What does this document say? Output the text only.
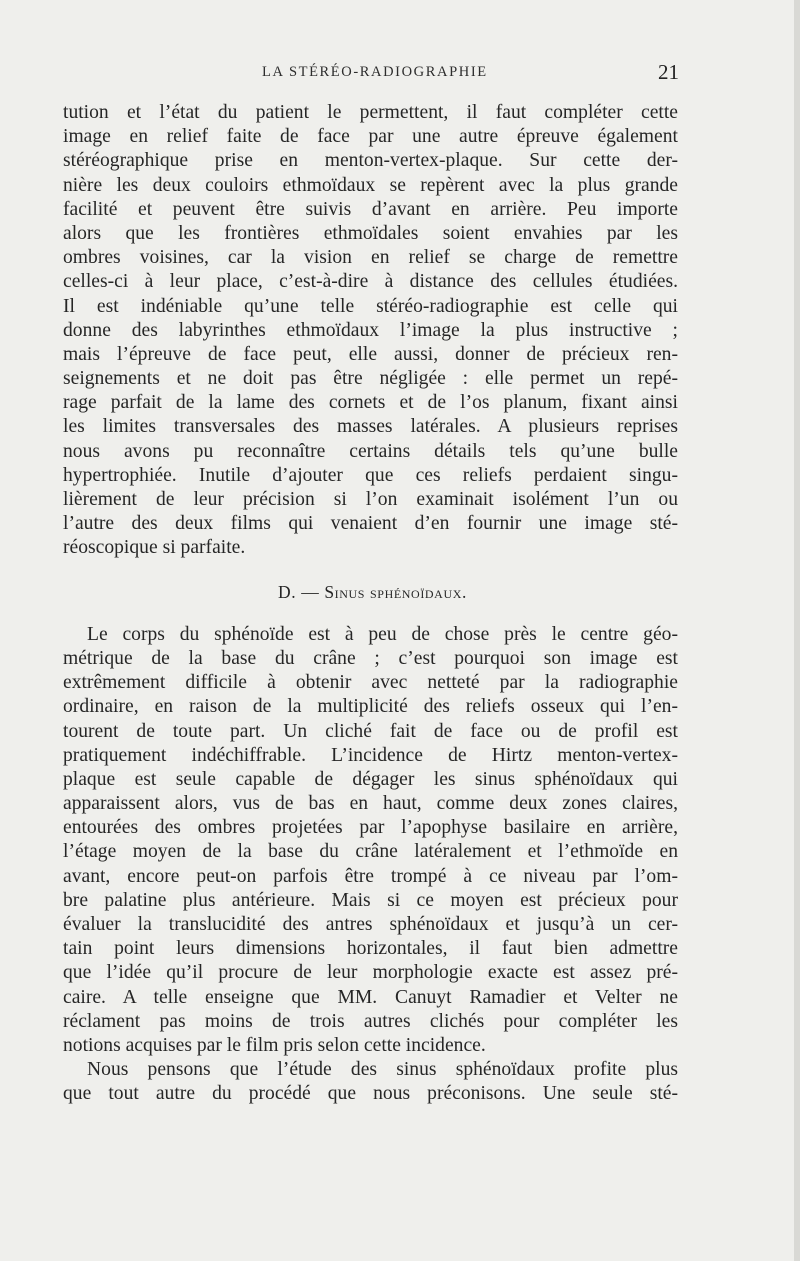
LA STÉRÉO-RADIOGRAPHIE	21
tution et l’état du patient le permettent, il faut compléter cette
image en relief faite de face par une autre épreuve également
stéréographique prise en menton-vertex-plaque. Sur cette der-
nière les deux couloirs ethmoïdaux se repèrent avec la plus grande
facilité et peuvent être suivis d’avant en arrière. Peu importe
alors que les frontières ethmoïdales soient envahies par les
ombres voisines, car la vision en relief se charge de remettre
celles-ci à leur place, c’est-à-dire à distance des cellules étudiées.
Il est indéniable qu’une telle stéréo-radiographie est celle qui
donne des labyrinthes ethmoïdaux l’image la plus instructive ;
mais l’épreuve de face peut, elle aussi, donner de précieux ren-
seignements et ne doit pas être négligée : elle permet un repé-
rage parfait de la lame des cornets et de l’os planum, fixant ainsi
les limites transversales des masses latérales. A plusieurs reprises
nous avons pu reconnaître certains détails tels qu’une bulle
hypertrophiée. Inutile d’ajouter que ces reliefs perdaient singu-
lièrement de leur précision si l’on examinait isolément l’un ou
l’autre des deux films qui venaient d’en fournir une image sté-
réoscopique si parfaite.
D. — Sinus sphénoïdaux.
Le corps du sphénoïde est à peu de chose près le centre géo-
métrique de la base du crâne ; c’est pourquoi son image est
extrêmement difficile à obtenir avec netteté par la radiographie
ordinaire, en raison de la multiplicité des reliefs osseux qui l’en-
tourent de toute part. Un cliché fait de face ou de profil est
pratiquement indéchiffrable. L’incidence de Hirtz menton-vertex-
plaque est seule capable de dégager les sinus sphénoïdaux qui
apparaissent alors, vus de bas en haut, comme deux zones claires,
entourées des ombres projetées par l’apophyse basilaire en arrière,
l’étage moyen de la base du crâne latéralement et l’ethmoïde en
avant, encore peut-on parfois être trompé à ce niveau par l’om-
bre palatine plus antérieure. Mais si ce moyen est précieux pour
évaluer la translucidité des antres sphénoïdaux et jusqu’à un cer-
tain point leurs dimensions horizontales, il faut bien admettre
que l’idée qu’il procure de leur morphologie exacte est assez pré-
caire. A telle enseigne que MM. Canuyt Ramadier et Velter ne
réclament pas moins de trois autres clichés pour compléter les
notions acquises par le film pris selon cette incidence.
Nous pensons que l’étude des sinus sphénoïdaux profite plus
que tout autre du procédé que nous préconisons. Une seule sté-
